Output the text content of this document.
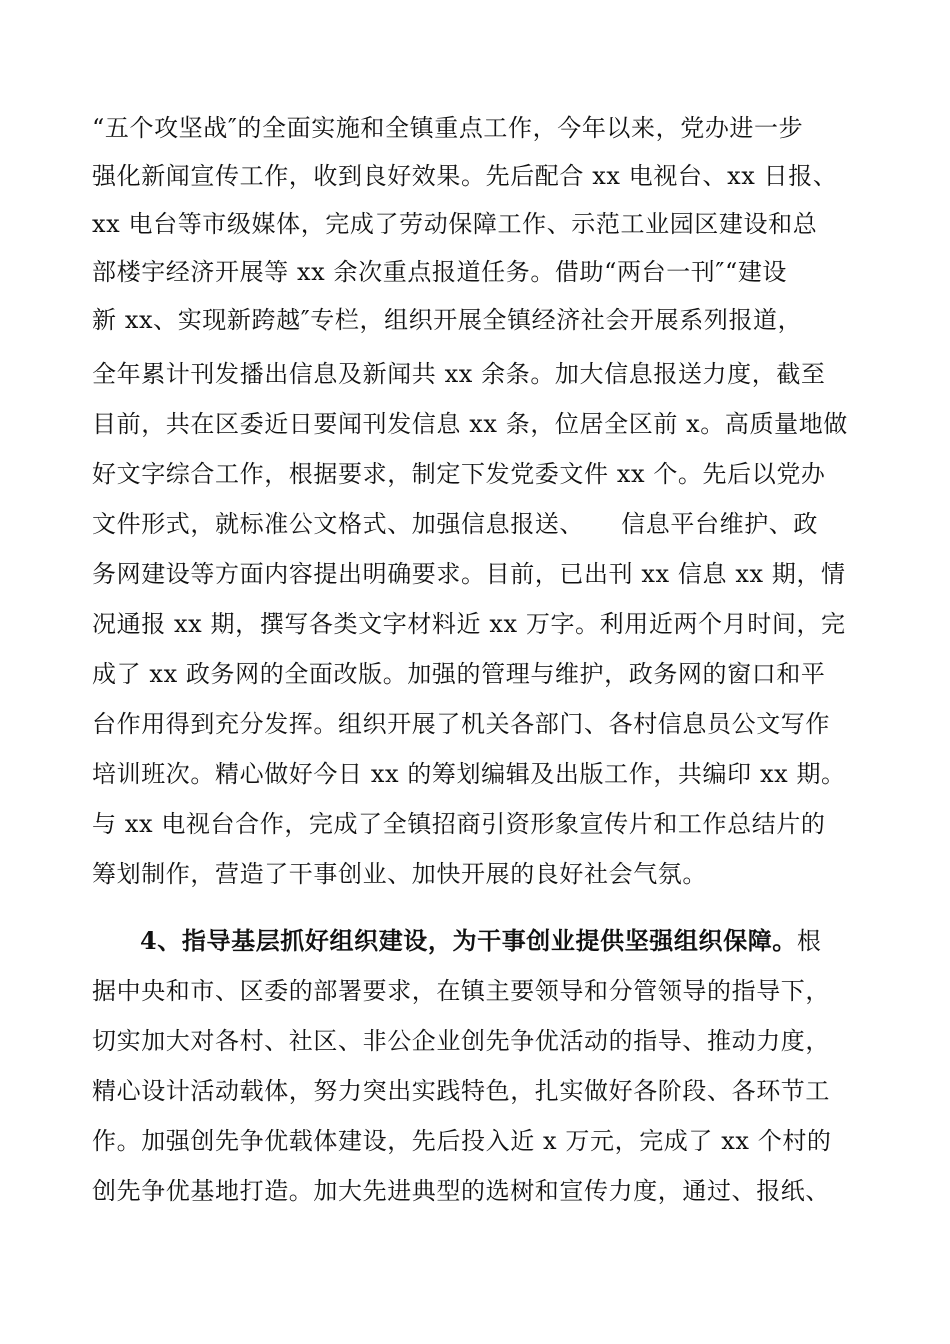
“五个攻坚战″的全面实施和全镇重点工作，今年以来，党办进一步
强化新闻宣传工作，收到良好效果。先后配合 xx 电视台、xx 日报、
xx 电台等市级媒体，完成了劳动保障工作、示范工业园区建设和总
部楼宇经济开展等 xx 余次重点报道任务。借助“两台一刊″“建设
新 xx、实现新跨越″专栏，组织开展全镇经济社会开展系列报道，
全年累计刊发播出信息及新闻共 xx 余条。加大信息报送力度，截至
目前，共在区委近日要闻刊发信息 xx 条，位居全区前 x。高质量地做
好文字综合工作，根据要求，制定下发党委文件 xx 个。先后以党办
文件形式，就标准公文格式、加强信息报送、　　信息平台维护、政
务网建设等方面内容提出明确要求。目前，已出刊 xx 信息 xx 期，情
况通报 xx 期，撰写各类文字材料近 xx 万字。利用近两个月时间，完
成了 xx 政务网的全面改版。加强的管理与维护，政务网的窗口和平
台作用得到充分发挥。组织开展了机关各部门、各村信息员公文写作
培训班次。精心做好今日 xx 的筹划编辑及出版工作，共编印 xx 期。
与 xx 电视台合作，完成了全镇招商引资形象宣传片和工作总结片的
筹划制作，营造了干事创业、加快开展的良好社会气氛。
4、指导基层抓好组织建设，为干事创业提供坚强组织保障。根
据中央和市、区委的部署要求，在镇主要领导和分管领导的指导下，
切实加大对各村、社区、非公企业创先争优活动的指导、推动力度，
精心设计活动载体，努力突出实践特色，扎实做好各阶段、各环节工
作。加强创先争优载体建设，先后投入近 x 万元，完成了 xx 个村的
创先争优基地打造。加大先进典型的选树和宣传力度，通过、报纸、
